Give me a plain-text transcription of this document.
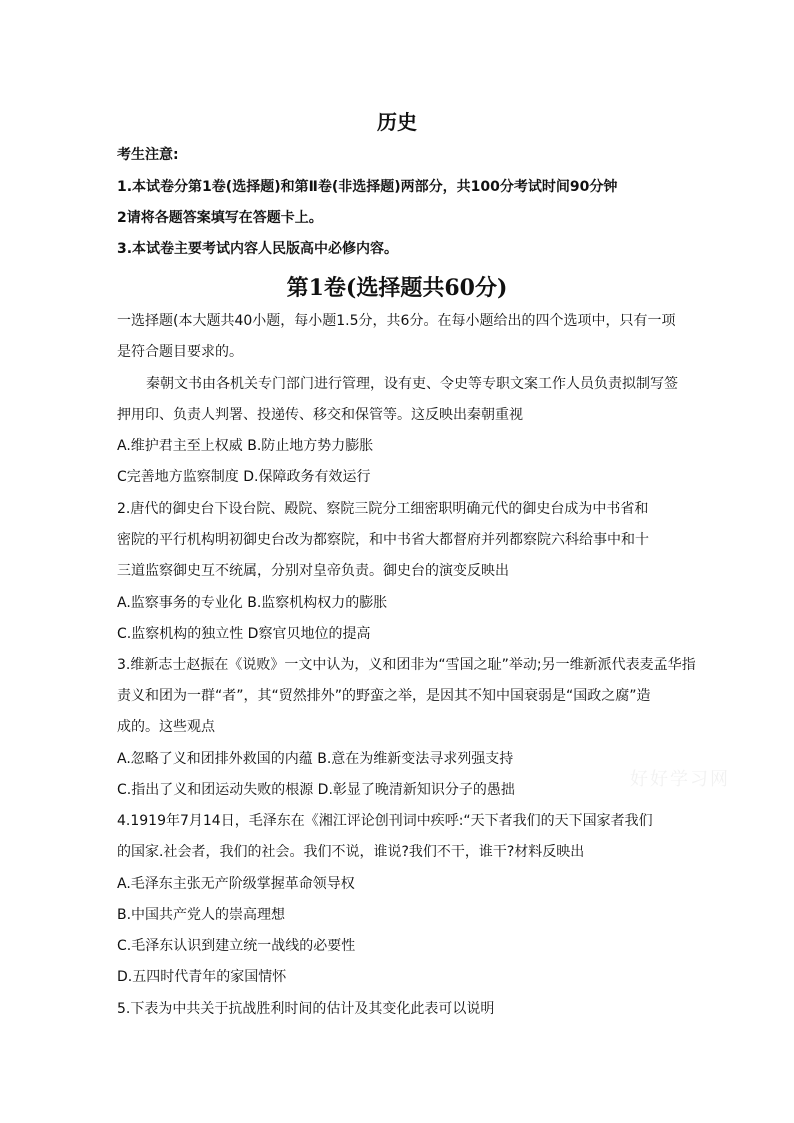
历史
考生注意:
1.本试卷分第1卷(选择题)和第Ⅱ卷(非选择题)两部分，共100分考试时间90分钟
2请将各题答案填写在答题卡上。
3.本试卷主要考试内容人民版高中必修内容。
第1卷(选择题共60分)
一选择题(本大题共40小题，每小题1.5分，共6分。在每小题给出的四个选项中，只有一项
是符合题目要求的。
秦朝文书由各机关专门部门进行管理，设有吏、令史等专职文案工作人员负责拟制写签
押用印、负责人判署、投递传、移交和保管等。这反映出秦朝重视
A.维护君主至上权威 B.防止地方势力膨胀
C完善地方监察制度 D.保障政务有效运行
2.唐代的御史台下设台院、殿院、察院三院分工细密职明确元代的御史台成为中书省和
密院的平行机构明初御史台改为都察院，和中书省大都督府并列都察院六科给事中和十
三道监察御史互不统属，分别对皇帝负责。御史台的演变反映出
A.监察事务的专业化 B.监察机构权力的膨胀
C.监察机构的独立性 D察官贝地位的提高
3.维新志士赵振在《说败》一文中认为，义和团非为“雪国之耻”举动;另一维新派代表麦孟华指
责义和团为一群“者”，其“贸然排外”的野蛮之举，是因其不知中国衰弱是“国政之腐”造
成的。这些观点
A.忽略了义和团排外救国的内蕴 B.意在为维新变法寻求列强支持
C.指出了义和团运动失败的根源 D.彰显了晚清新知识分子的愚拙
4.1919年7月14日，毛泽东在《湘江评论创刊词中疾呼:“天下者我们的天下国家者我们
的国家.社会者，我们的社会。我们不说，谁说?我们不干，谁干?材料反映出
A.毛泽东主张无产阶级掌握革命领导权
B.中国共产党人的崇高理想
C.毛泽东认识到建立统一战线的必要性
D.五四时代青年的家国情怀
5.下表为中共关于抗战胜利时间的估计及其变化此表可以说明
好好学习网
